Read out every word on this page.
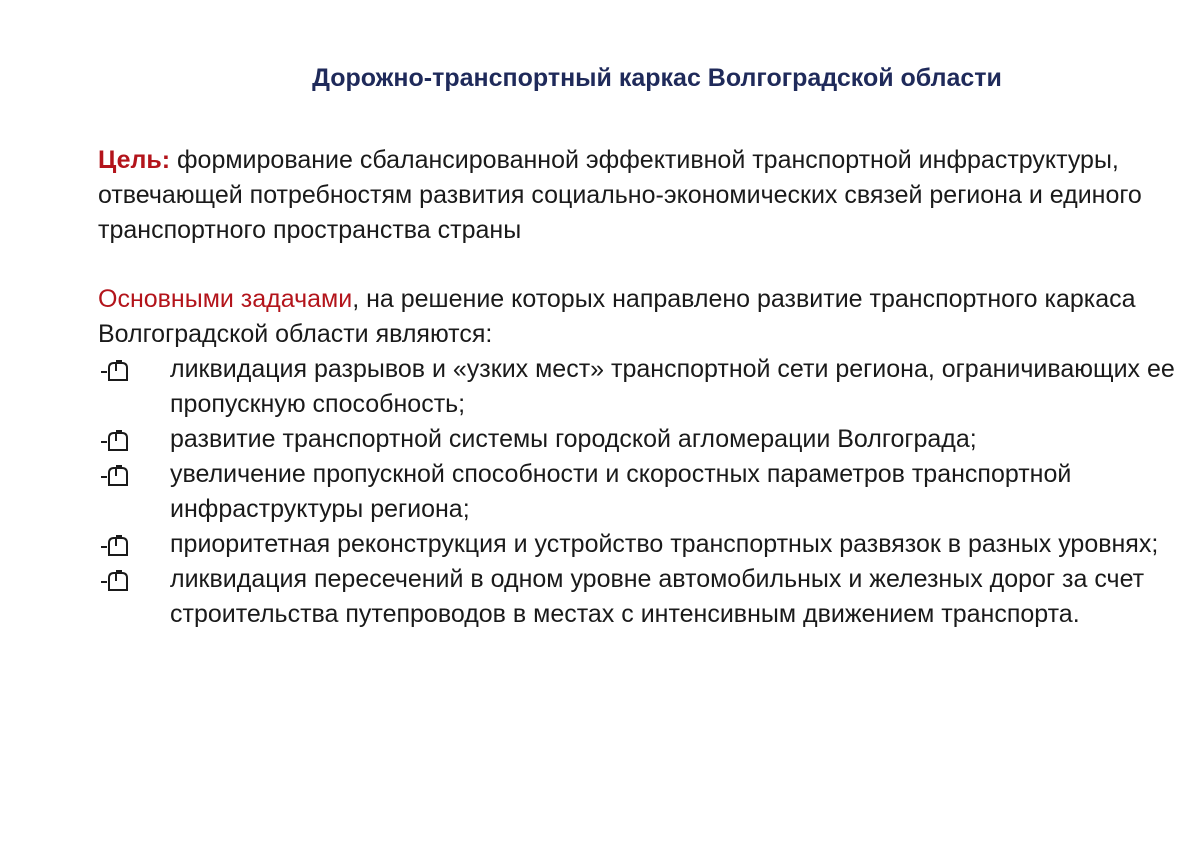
Дорожно-транспортный каркас Волгоградской области

Цель: формирование сбалансированной эффективной транспортной инфраструктуры, отвечающей потребностям развития социально-экономических связей региона и единого транспортного пространства страны

Основными задачами, на решение которых направлено развитие транспортного каркаса Волгоградской области являются:

ликвидация разрывов и «узких мест» транспортной сети региона, ограничивающих ее пропускную способность;

развитие транспортной системы городской агломерации Волгограда;

увеличение пропускной способности и скоростных параметров транспортной инфраструктуры региона;

приоритетная реконструкция и устройство транспортных развязок в разных уровнях;

ликвидация пересечений в одном уровне автомобильных и железных дорог за счет строительства путепроводов в местах с интенсивным движением транспорта.
